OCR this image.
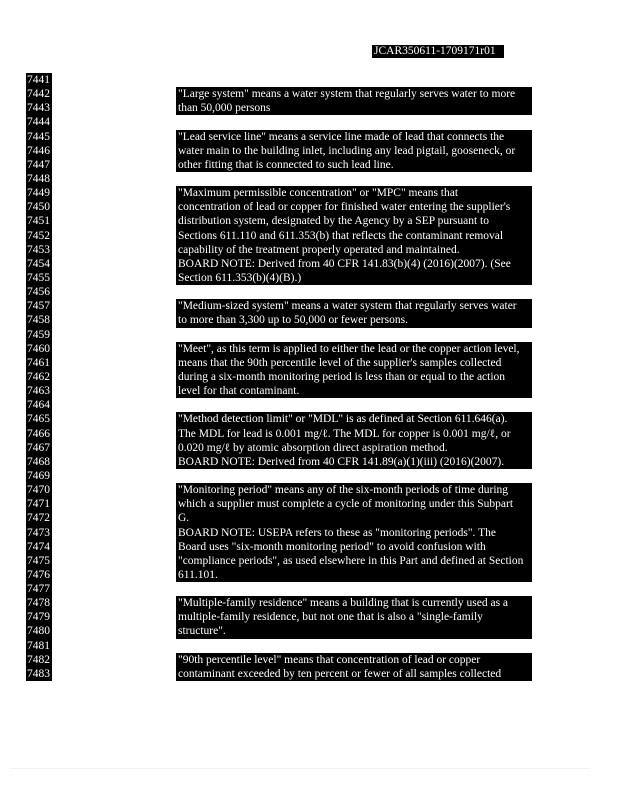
JCAR350611-1709171r01
7441
7442
7443
7444
7445
7446
7447
7448
7449
7450
7451
7452
7453
7454
7455
7456
7457
7458
7459
7460
7461
7462
7463
7464
7465
7466
7467
7468
7469
7470
7471
7472
7473
7474
7475
7476
7477
7478
7479
7480
7481
7482
7483
"Large system" means a water system that regularly serves water to more
than 50,000 persons
"Lead service line" means a service line made of lead that connects the
water main to the building inlet, including any lead pigtail, gooseneck, or
other fitting that is connected to such lead line.
"Maximum permissible concentration" or "MPC" means that
concentration of lead or copper for finished water entering the supplier's
distribution system, designated by the Agency by a SEP pursuant to
Sections 611.110 and 611.353(b) that reflects the contaminant removal
capability of the treatment properly operated and maintained.
BOARD NOTE: Derived from 40 CFR 141.83(b)(4) (2016)(2007). (See
Section 611.353(b)(4)(B).)
"Medium-sized system" means a water system that regularly serves water
to more than 3,300 up to 50,000 or fewer persons.
"Meet", as this term is applied to either the lead or the copper action level,
means that the 90th percentile level of the supplier's samples collected
during a six-month monitoring period is less than or equal to the action
level for that contaminant.
"Method detection limit" or "MDL" is as defined at Section 611.646(a).
The MDL for lead is 0.001 mg/ℓ. The MDL for copper is 0.001 mg/ℓ, or
0.020 mg/ℓ by atomic absorption direct aspiration method.
BOARD NOTE: Derived from 40 CFR 141.89(a)(1)(iii) (2016)(2007).
"Monitoring period" means any of the six-month periods of time during
which a supplier must complete a cycle of monitoring under this Subpart
G.
BOARD NOTE: USEPA refers to these as "monitoring periods". The
Board uses "six-month monitoring period" to avoid confusion with
"compliance periods", as used elsewhere in this Part and defined at Section
611.101.
"Multiple-family residence" means a building that is currently used as a
multiple-family residence, but not one that is also a "single-family
structure".
"90th percentile level" means that concentration of lead or copper
contaminant exceeded by ten percent or fewer of all samples collected
